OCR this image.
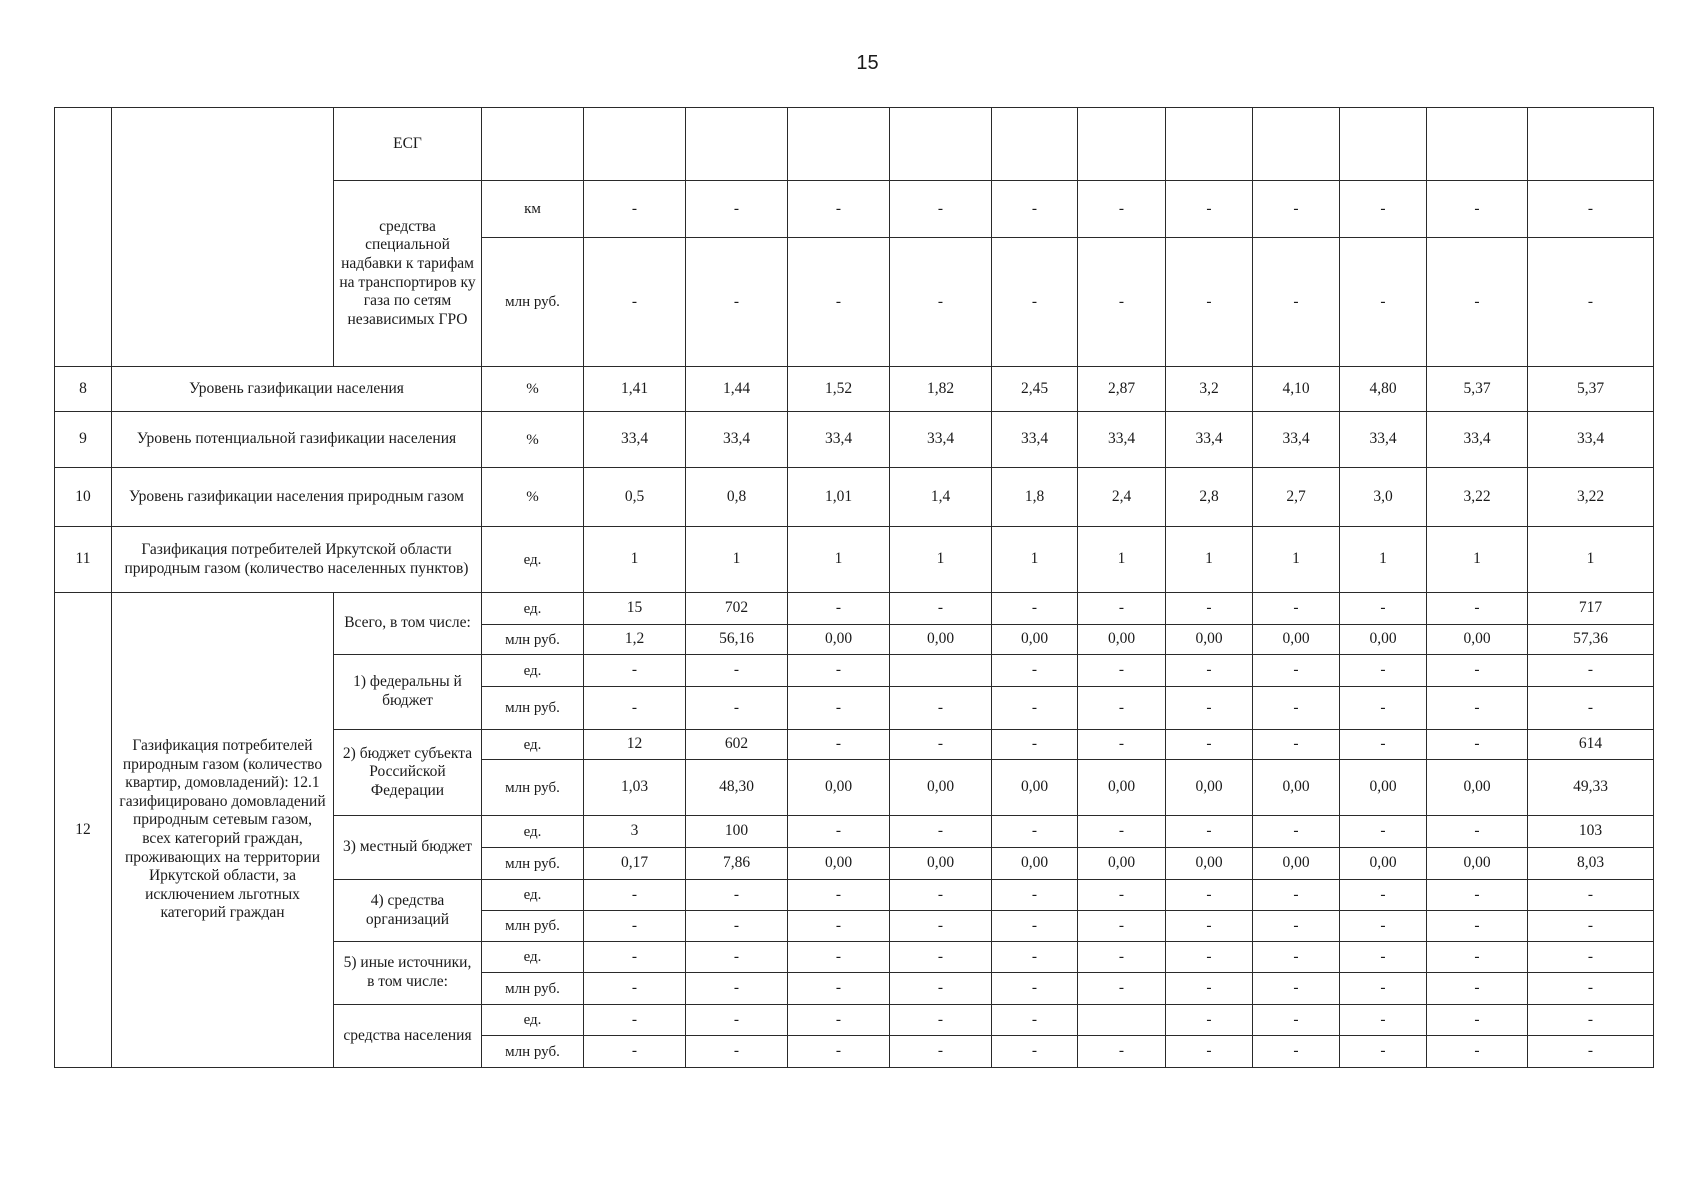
15
		ЕСГ												
		средства специальной надбавки к тарифам на транспортиров ку газа по сетям независимых ГРО	км	-	-	-	-	-	-	-	-	-	-	-
			млн руб.	-	-	-	-	-	-	-	-	-	-	-
8	Уровень газификации населения		%	1,41	1,44	1,52	1,82	2,45	2,87	3,2	4,10	4,80	5,37	5,37
9	Уровень потенциальной газификации населения		%	33,4	33,4	33,4	33,4	33,4	33,4	33,4	33,4	33,4	33,4	33,4
10	Уровень газификации населения природным газом		%	0,5	0,8	1,01	1,4	1,8	2,4	2,8	2,7	3,0	3,22	3,22
11	Газификация потребителей Иркутской области природным газом (количество населенных пунктов)		ед.	1	1	1	1	1	1	1	1	1	1	1
12	Газификация потребителей природным газом (количество квартир, домовладений): 12.1 газифицировано домовладений природным сетевым газом, всех категорий граждан, проживающих на территории Иркутской области, за исключением льготных категорий граждан	Всего, в том числе:	ед.	15	702	-	-	-	-	-	-	-	-	717
			млн руб.	1,2	56,16	0,00	0,00	0,00	0,00	0,00	0,00	0,00	0,00	57,36
		1) федеральны й бюджет	ед.	-	-	-		-	-	-	-	-	-	-
			млн руб.	-	-	-	-	-	-	-	-	-	-	-
		2) бюджет субъекта Российской Федерации	ед.	12	602	-	-	-	-	-	-	-	-	614
			млн руб.	1,03	48,30	0,00	0,00	0,00	0,00	0,00	0,00	0,00	0,00	49,33
		3) местный бюджет	ед.	3	100	-	-	-	-	-	-	-	-	103
			млн руб.	0,17	7,86	0,00	0,00	0,00	0,00	0,00	0,00	0,00	0,00	8,03
		4) средства организаций	ед.	-	-	-	-	-	-	-	-	-	-	-
			млн руб.	-	-	-	-	-	-	-	-	-	-	-
		5) иные источники, в том числе:	ед.	-	-	-	-	-	-	-	-	-	-	-
			млн руб.	-	-	-	-	-	-	-	-	-	-	-
		средства населения	ед.	-	-	-	-	-		-	-	-	-	-
			млн руб.	-	-	-	-	-	-	-	-	-	-	-
